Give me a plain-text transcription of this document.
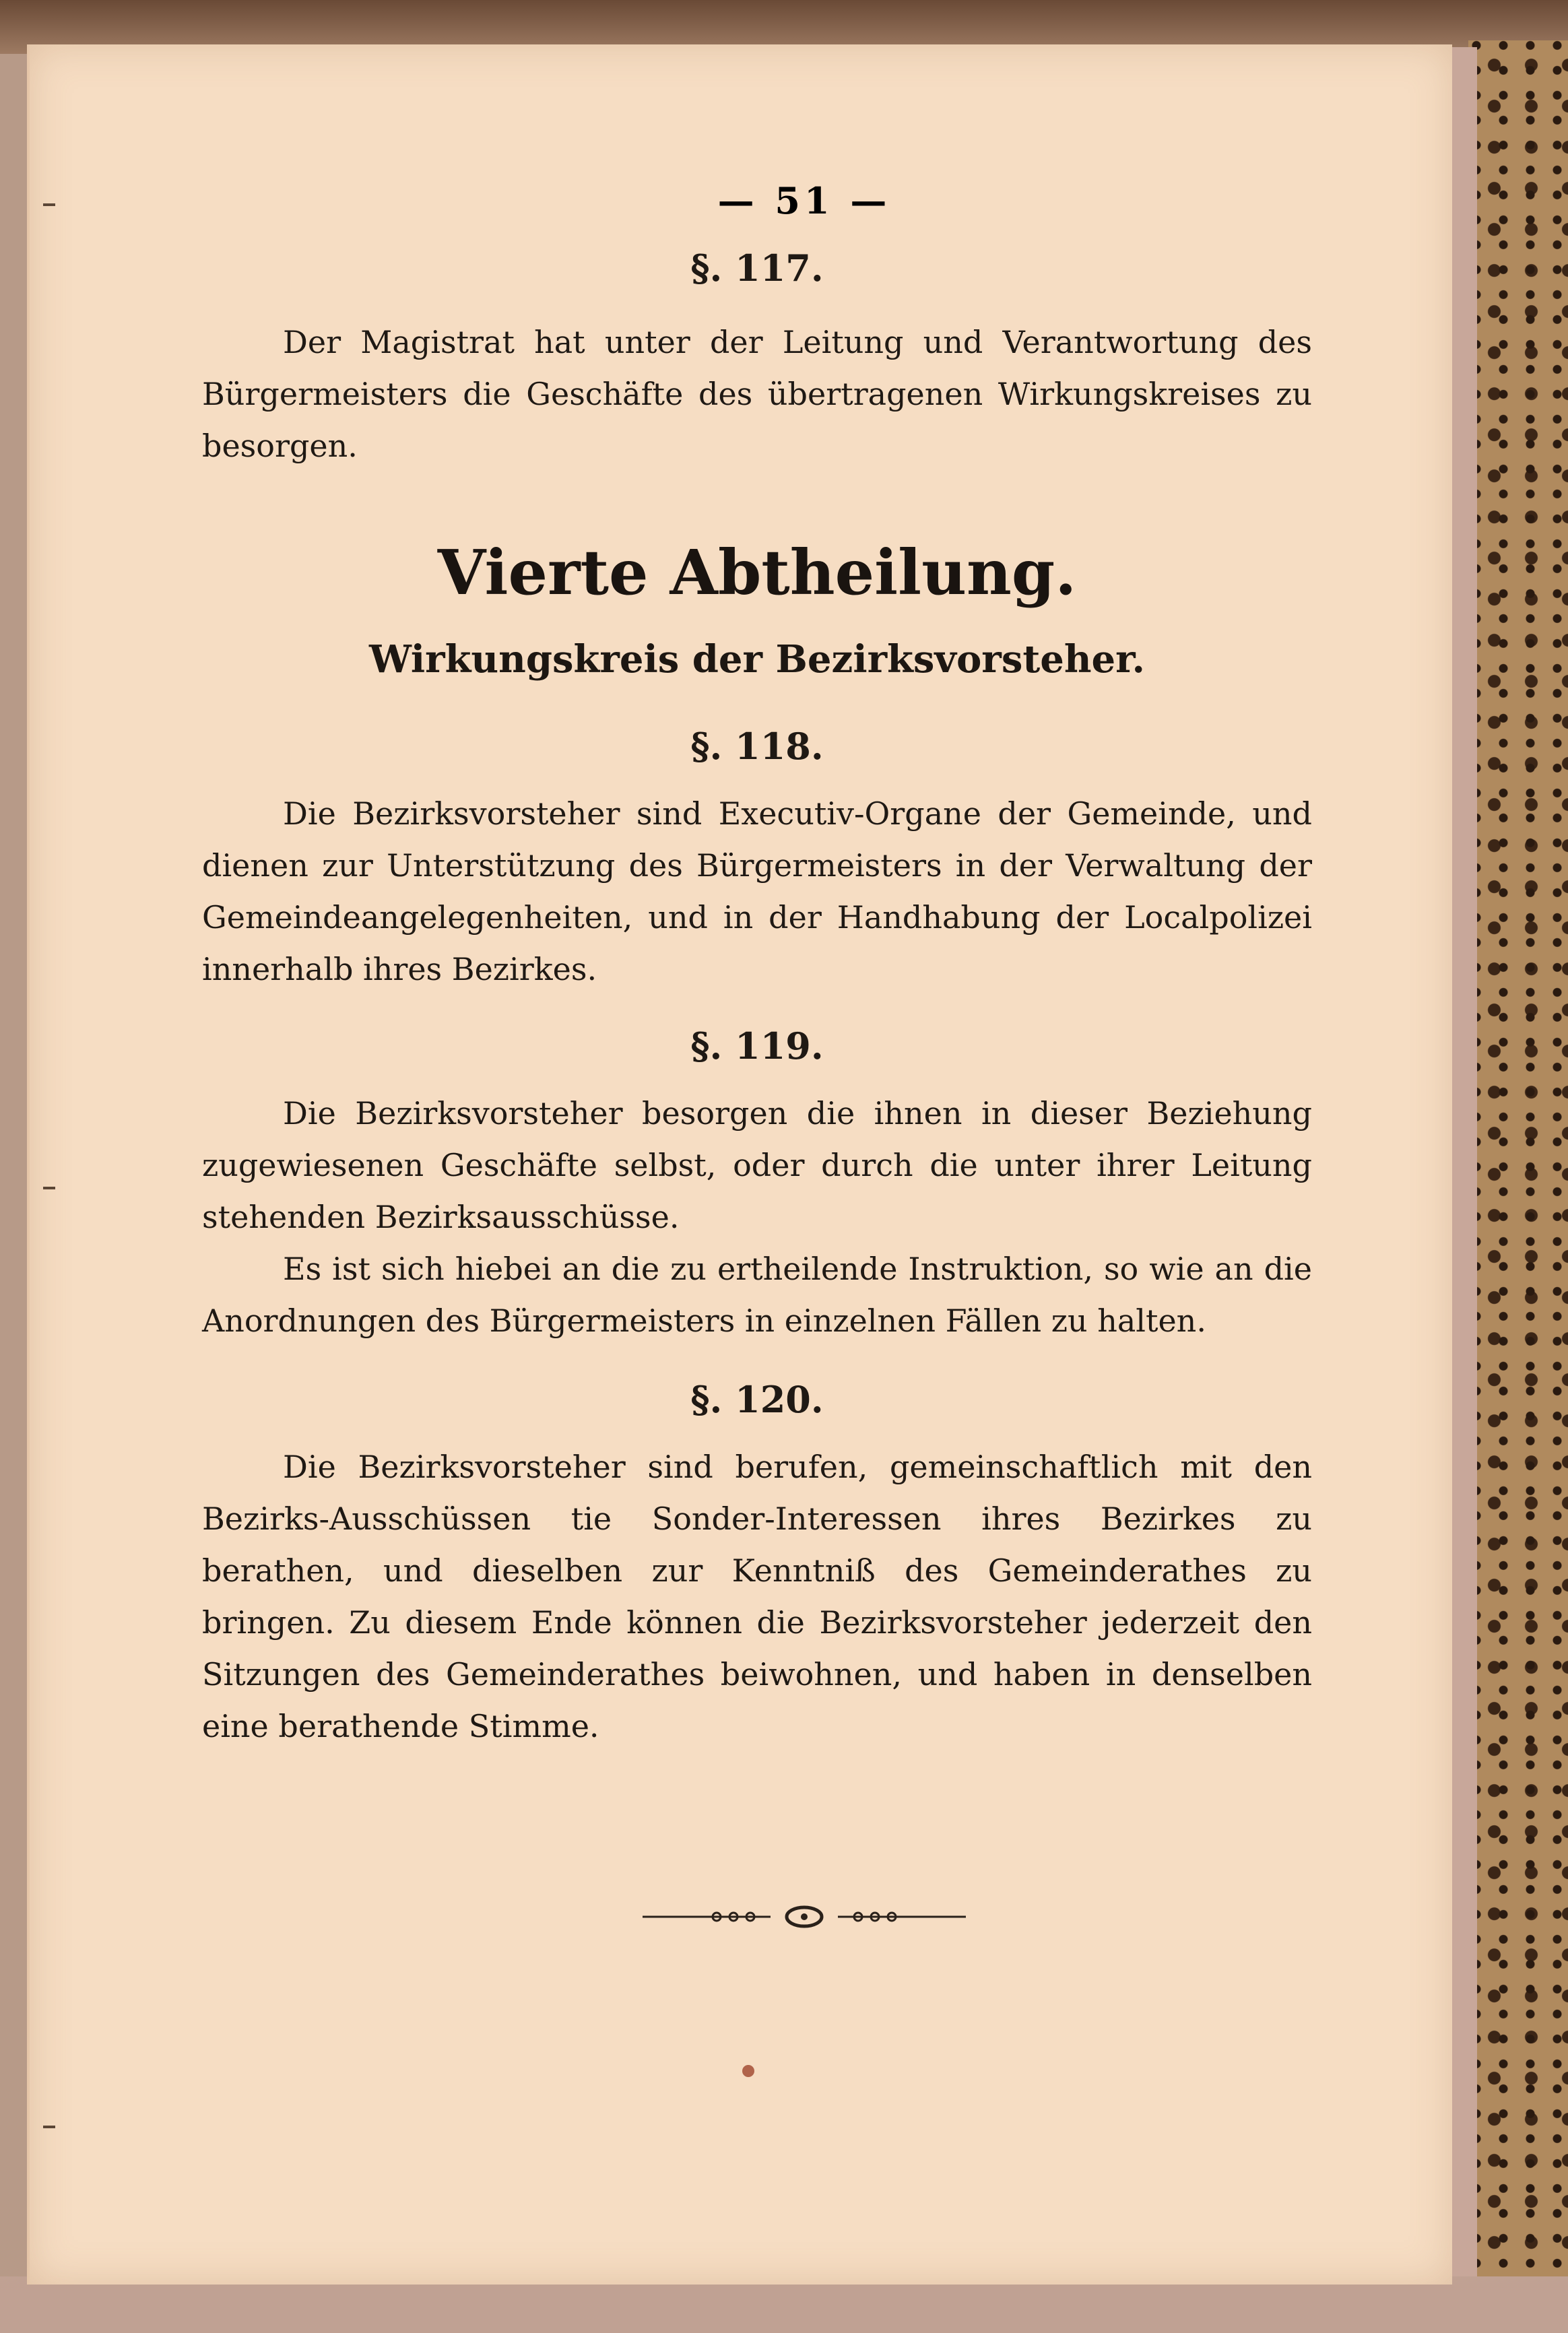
— 51 —
§. 117.

Der Magistrat hat unter der Leitung und Verantwortung des Bürgermeisters die Geschäfte des übertragenen Wirkungskreises zu besorgen.

Vierte Abtheilung.
Wirkungskreis der Bezirksvorsteher.
§. 118.

Die Bezirksvorsteher sind Executiv-Organe der Gemeinde, und dienen zur Unterstützung des Bürgermeisters in der Verwaltung der Gemeindeangelegenheiten, und in der Handhabung der Localpolizei innerhalb ihres Bezirkes.

§. 119.

Die Bezirksvorsteher besorgen die ihnen in dieser Beziehung zugewiesenen Geschäfte selbst, oder durch die unter ihrer Leitung stehenden Bezirksausschüsse.

Es ist sich hiebei an die zu ertheilende Instruktion, so wie an die Anordnungen des Bürgermeisters in einzelnen Fällen zu halten.

§. 120.

Die Bezirksvorsteher sind berufen, gemeinschaftlich mit den Bezirks-Ausschüssen tie Sonder-Interessen ihres Bezirkes zu berathen, und dieselben zur Kenntniß des Gemeinderathes zu bringen. Zu diesem Ende können die Bezirksvorsteher jederzeit den Sitzungen des Gemeinderathes beiwohnen, und haben in denselben eine berathende Stimme.
